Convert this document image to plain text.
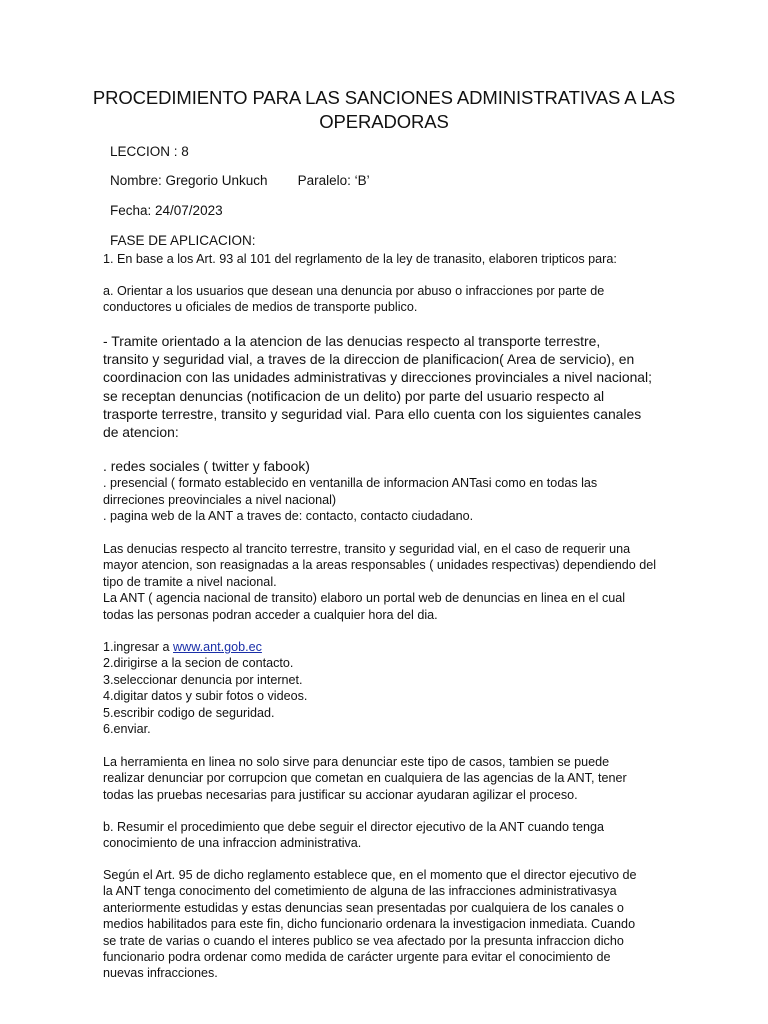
PROCEDIMIENTO PARA LAS SANCIONES ADMINISTRATIVAS A LAS
OPERADORAS
LECCION : 8
Nombre: Gregorio Unkuch Paralelo: ‘B’
Fecha: 24/07/2023
FASE DE APLICACION:

1. En base a los Art. 93 al 101 del regrlamento de la ley de tranasito, elaboren tripticos para:

a. Orientar a los usuarios que desean una denuncia por abuso o infracciones por parte de

conductores u oficiales de medios de transporte publico.

- Tramite orientado a la atencion de las denucias respecto al transporte terrestre,

transito y seguridad vial, a traves de la direccion de planificacion( Area de servicio), en

coordinacion con las unidades administrativas y direcciones provinciales a nivel nacional;

se receptan denuncias (notificacion de un delito) por parte del usuario respecto al

trasporte terrestre, transito y seguridad vial. Para ello cuenta con los siguientes canales

de atencion:

. redes sociales ( twitter y fabook)

. presencial ( formato establecido en ventanilla de informacion ANTasi como en todas las

dirreciones preovinciales a nivel nacional)

. pagina web de la ANT a traves de: contacto, contacto ciudadano.

Las denucias respecto al trancito terrestre, transito y seguridad vial, en el caso de requerir una

mayor atencion, son reasignadas a la areas responsables ( unidades respectivas) dependiendo del

tipo de tramite a nivel nacional.

La ANT ( agencia nacional de transito) elaboro un portal web de denuncias en linea en el cual

todas las personas podran acceder a cualquier hora del dia.

1.ingresar a www.ant.gob.ec

2.dirigirse a la secion de contacto.

3.seleccionar denuncia por internet.

4.digitar datos y subir fotos o videos.

5.escribir codigo de seguridad.

6.enviar.

La herramienta en linea no solo sirve para denunciar este tipo de casos, tambien se puede

realizar denunciar por corrupcion que cometan en cualquiera de las agencias de la ANT, tener

todas las pruebas necesarias para justificar su accionar ayudaran agilizar el proceso.

b. Resumir el procedimiento que debe seguir el director ejecutivo de la ANT cuando tenga

conocimiento de una infraccion administrativa.

Según el Art. 95 de dicho reglamento establece que, en el momento que el director ejecutivo de

la ANT tenga conocimento del cometimiento de alguna de las infracciones administrativasya

anteriormente estudidas y estas denuncias sean presentadas por cualquiera de los canales o

medios habilitados para este fin, dicho funcionario ordenara la investigacion inmediata. Cuando

se trate de varias o cuando el interes publico se vea afectado por la presunta infraccion dicho

funcionario podra ordenar como medida de carácter urgente para evitar el conocimiento de

nuevas infracciones.
